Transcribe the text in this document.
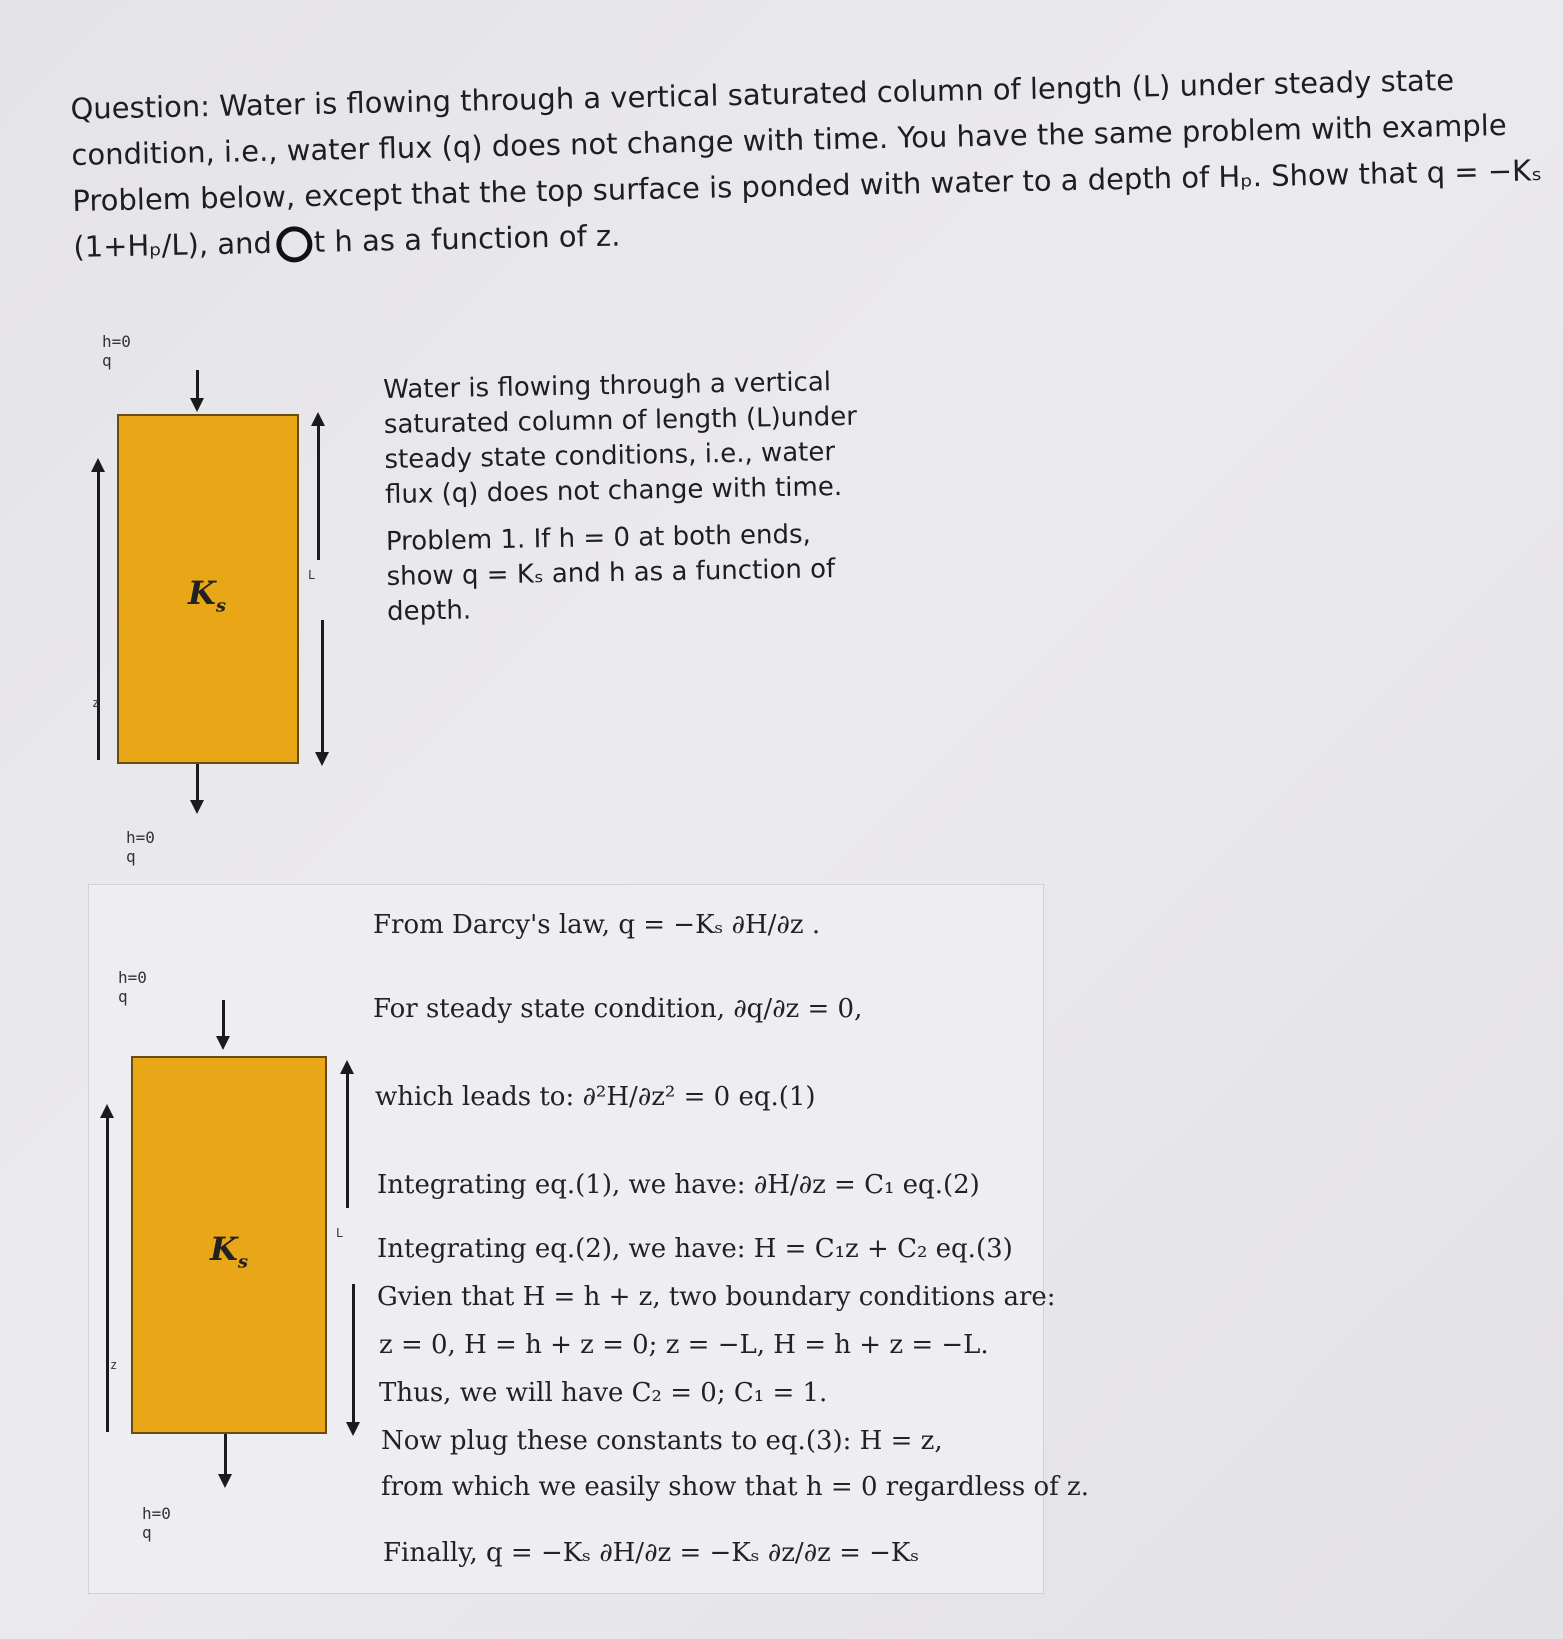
Question: Water is flowing through a vertical saturated column of length (L) under steady state
condition, i.e., water flux (q) does not change with time. You have the same problem with example
Problem below, except that the top surface is ponded with water to a depth of Hₚ. Show that q = −Kₛ
(1+Hₚ/L), and ○t h as a function of z.
h=0 q
$K_s$
h=0 q
z
L

Water is flowing through a vertical saturated column of length (L)under steady state conditions, i.e., water flux (q) does not change with time.

Problem 1. If h = 0 at both ends, show q = Kₛ and h as a function of depth.

h=0 q
$K_s$
h=0 q
z
L
From Darcy's law, q = −Kₛ ∂H/∂z .
For steady state condition, ∂q/∂z = 0,
which leads to: ∂²H/∂z² = 0 eq.(1)
Integrating eq.(1), we have: ∂H/∂z = C₁ eq.(2)
Integrating eq.(2), we have: H = C₁z + C₂ eq.(3)
Gvien that H = h + z, two boundary conditions are:
z = 0, H = h + z = 0; z = −L, H = h + z = −L.
Thus, we will have C₂ = 0; C₁ = 1.
Now plug these constants to eq.(3): H = z,
from which we easily show that h = 0 regardless of z.
Finally, q = −Kₛ ∂H/∂z = −Kₛ ∂z/∂z = −Kₛ
